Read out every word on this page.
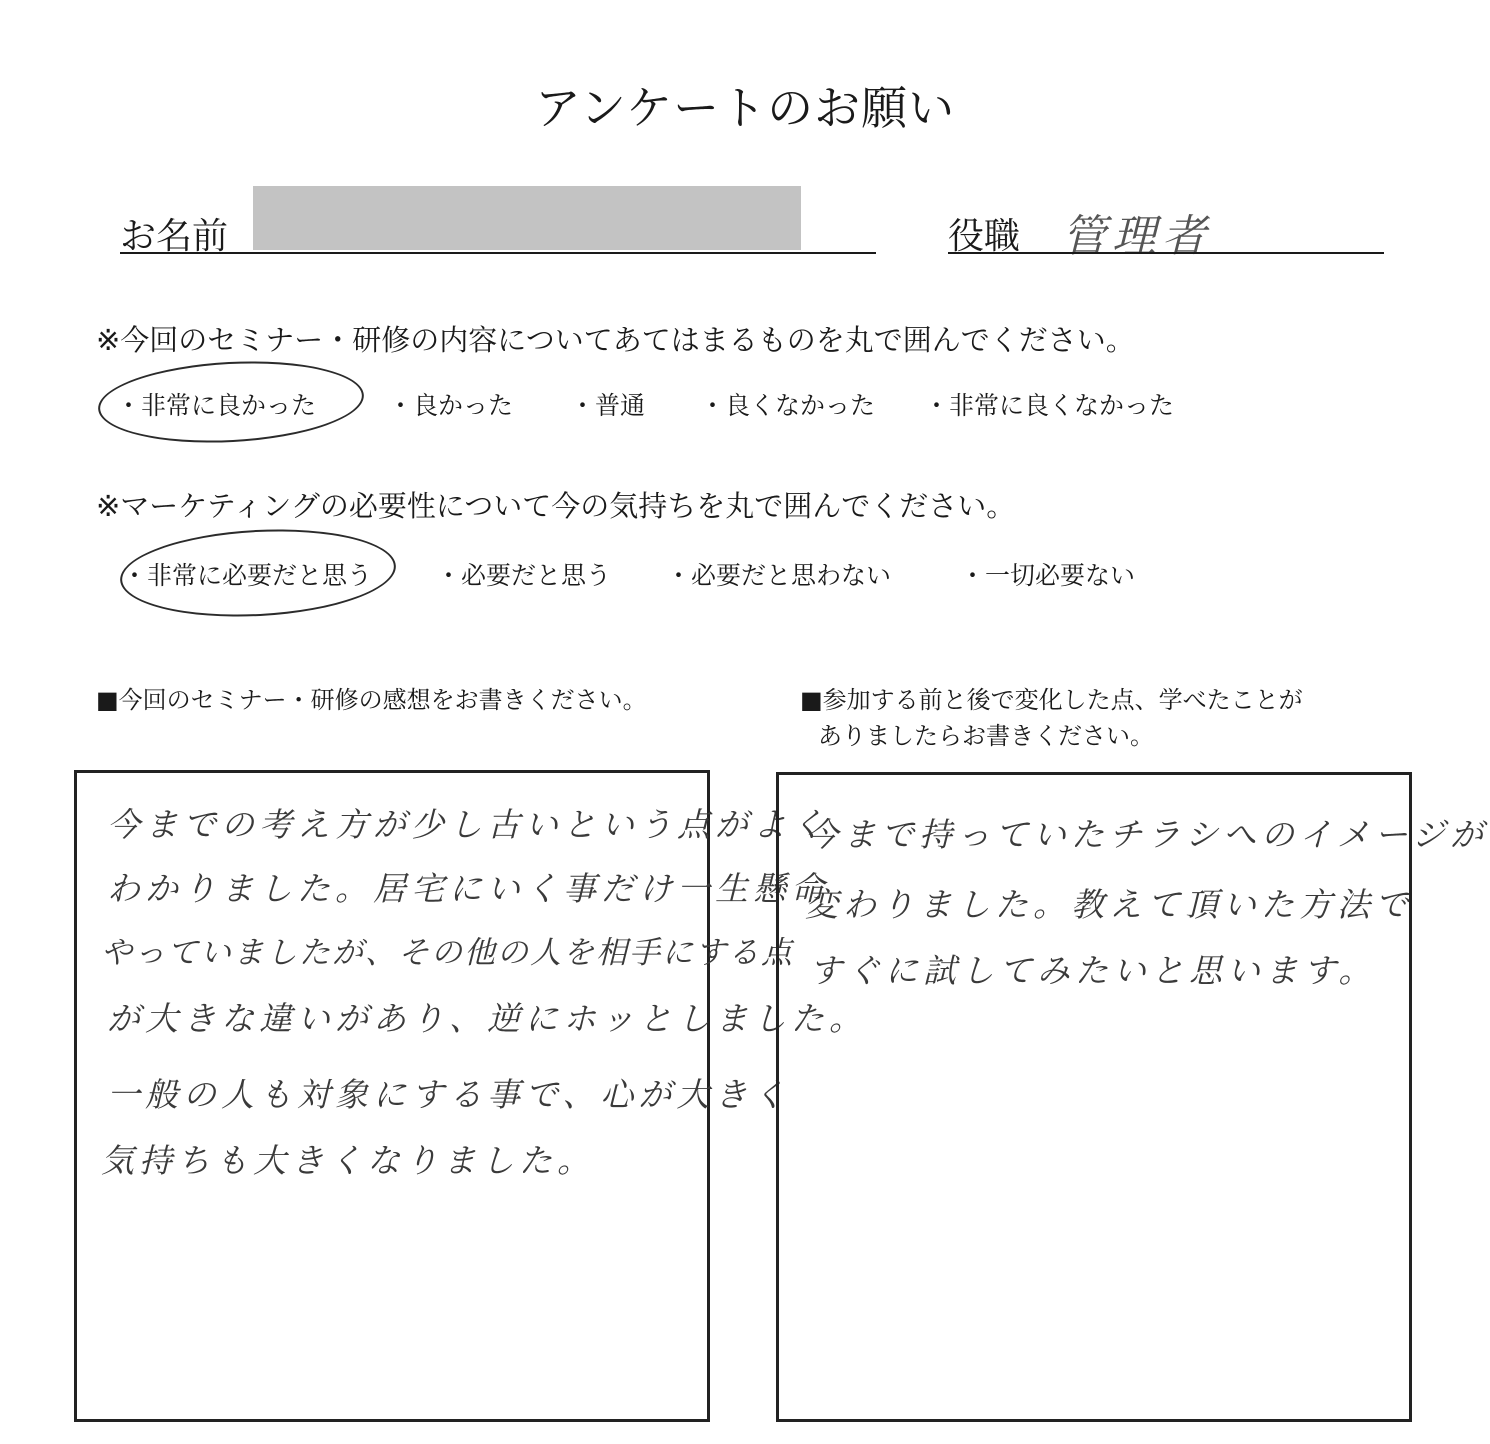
アンケートのお願い
お名前	役職 管理者
※今回のセミナー・研修の内容についてあてはまるものを丸で囲んでください。
・非常に良かった	・良かった ・普通 ・良くなかった ・非常に良くなかった
※マーケティングの必要性について今の気持ちを丸で囲んでください。
・非常に必要だと思う	・必要だと思う ・必要だと思わない	・一切必要ない
■今回のセミナー・研修の感想をお書きください。	■参加する前と後で変化した点、学べたことが
ありましたらお書きください。
今までの考え方が少し古いという点がよく
わかりました。居宅にいく事だけ一生懸命
やっていましたが、その他の人を相手にする点
が大きな違いがあり、逆にホッとしました。
一般の人も対象にする事で、心が大きく
気持ちも大きくなりました。
今まで持っていたチラシへのイメージが
変わりました。教えて頂いた方法で
すぐに試してみたいと思います。
